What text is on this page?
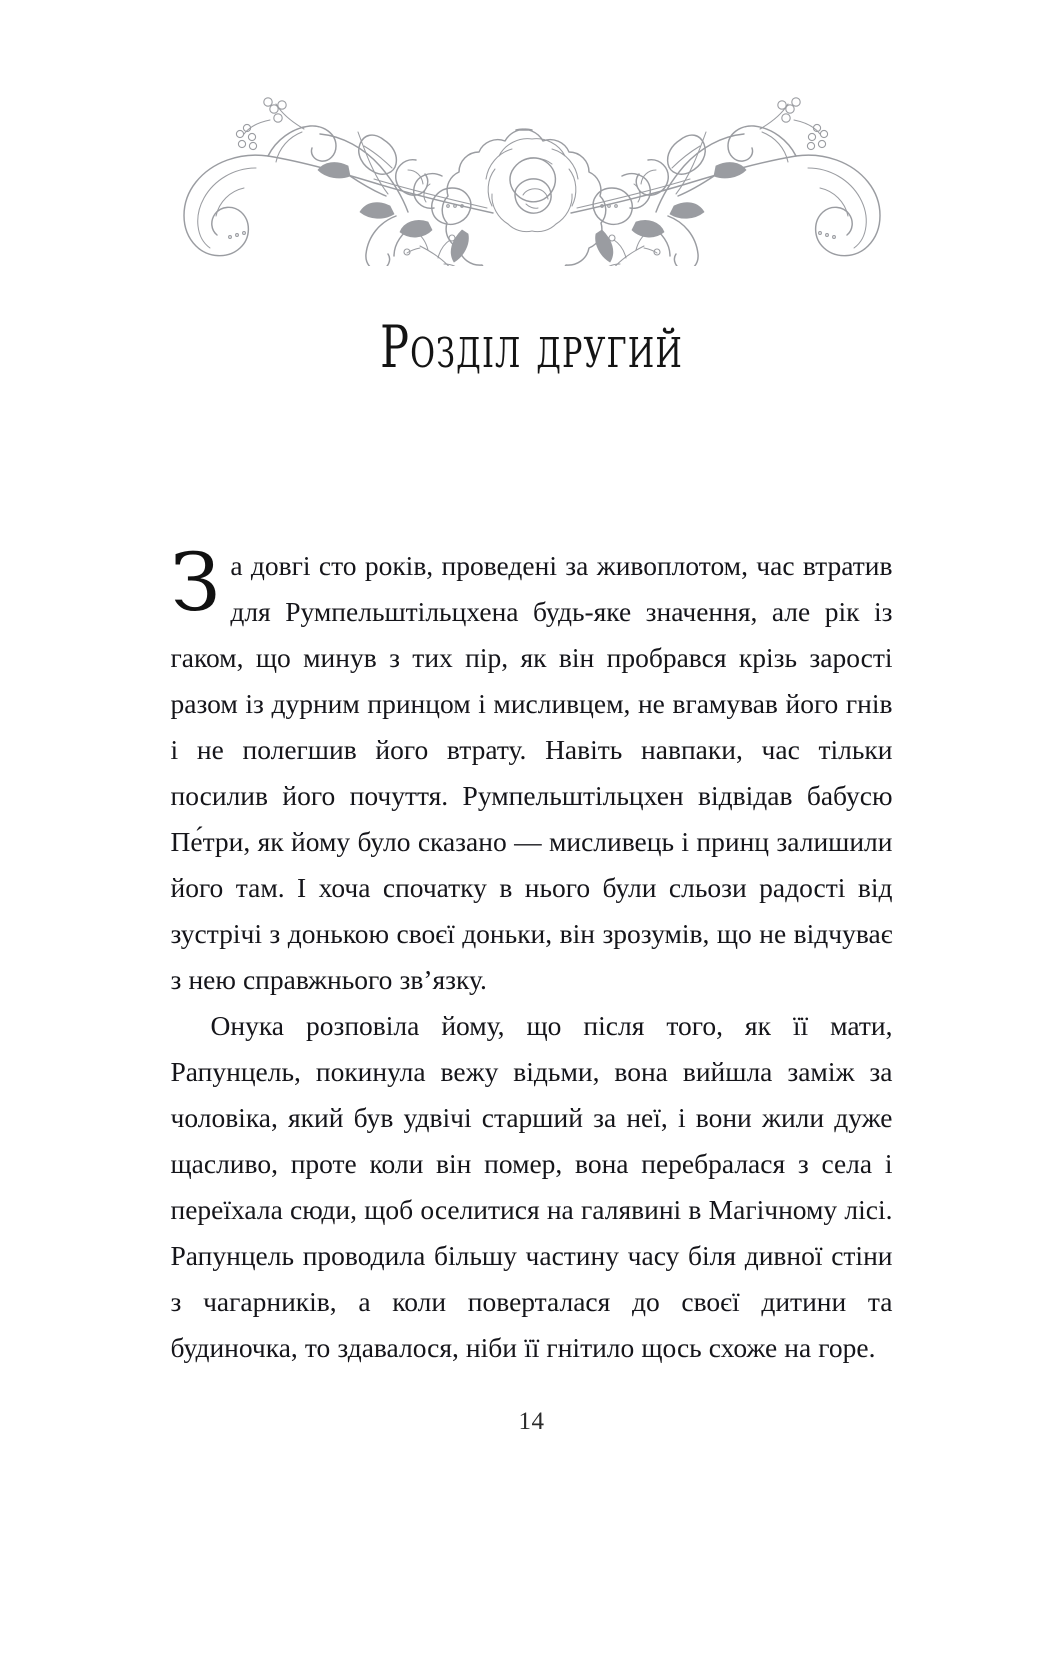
Розділ другий

За довгі сто років, проведені за живоплотом, час втратив для Румпельштільцхена будь-яке значення, але рік із гаком, що минув з тих пір, як він пробрався крізь зарості разом із дурним принцом і мисливцем, не вгамував його гнів і не полегшив його втрату. Навіть навпаки, час тільки посилив його почуття. Румпельштільцхен відвідав бабусю Пе́три, як йому було сказано — мисливець і принц залишили його там. І хоча спочатку в нього були сльози радості від зустрічі з донькою своєї доньки, він зрозумів, що не відчуває з нею справжнього зв’язку.

Онука розповіла йому, що після того, як її мати, Рапунцель, покинула вежу відьми, вона вийшла заміж за чоловіка, який був удвічі старший за неї, і вони жили дуже щасливо, проте коли він помер, вона перебралася з села і переїхала сюди, щоб оселитися на галявині в Магічному лісі. Рапунцель проводила більшу частину часу біля дивної стіни з чагарників, а коли поверталася до своєї дитини та будиночка, то здавалося, ніби її гнітило щось схоже на горе.

14
